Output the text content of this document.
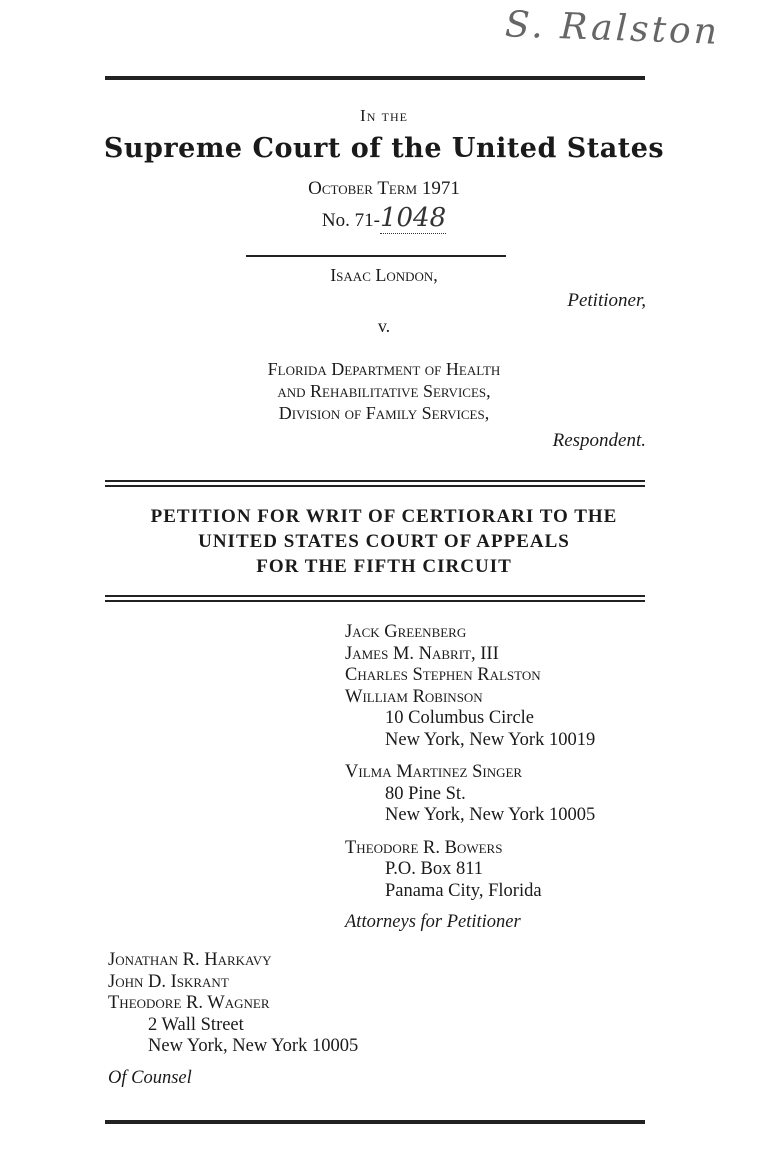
S. Ralston
In the
Supreme Court of the United States
October Term 1971
No. 71-1048
Isaac London,
Petitioner,
v.
Florida Department of Health
and Rehabilitative Services,
Division of Family Services,
Respondent.
PETITION FOR WRIT OF CERTIORARI TO THE
UNITED STATES COURT OF APPEALS
FOR THE FIFTH CIRCUIT
Jack Greenberg
James M. Nabrit, III
Charles Stephen Ralston
William Robinson
10 Columbus Circle
New York, New York 10019
Vilma Martinez Singer
80 Pine St.
New York, New York 10005
Theodore R. Bowers
P.O. Box 811
Panama City, Florida
Attorneys for Petitioner
Jonathan R. Harkavy
John D. Iskrant
Theodore R. Wagner
2 Wall Street
New York, New York 10005
Of Counsel
